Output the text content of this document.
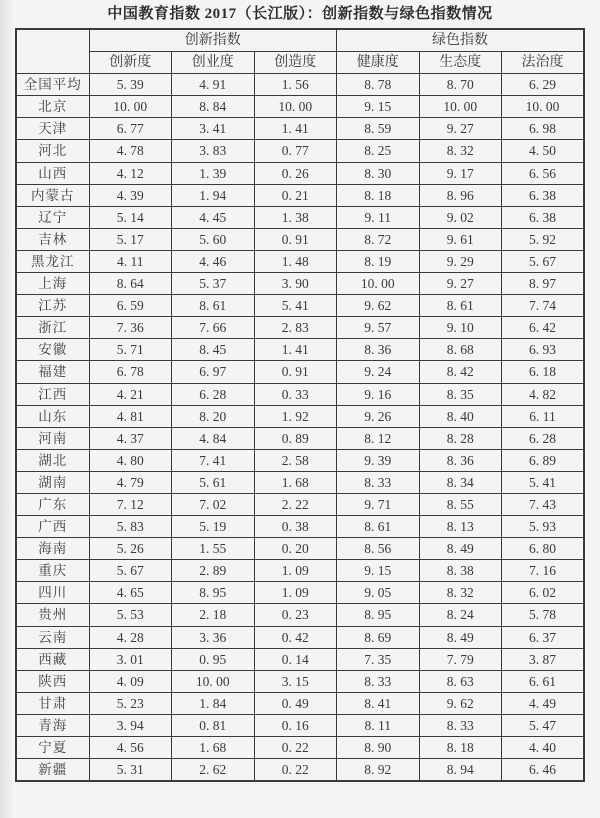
中国教育指数 2017（长江版）：创新指数与绿色指数情况
	创新指数			绿色指数		
	创新度	创业度	创造度	健康度	生态度	法治度
全国平均	5. 39	4. 91	1. 56	8. 78	8. 70	6. 29
北京	10. 00	8. 84	10. 00	9. 15	10. 00	10. 00
天津	6. 77	3. 41	1. 41	8. 59	9. 27	6. 98
河北	4. 78	3. 83	0. 77	8. 25	8. 32	4. 50
山西	4. 12	1. 39	0. 26	8. 30	9. 17	6. 56
内蒙古	4. 39	1. 94	0. 21	8. 18	8. 96	6. 38
辽宁	5. 14	4. 45	1. 38	9. 11	9. 02	6. 38
吉林	5. 17	5. 60	0. 91	8. 72	9. 61	5. 92
黑龙江	4. 11	4. 46	1. 48	8. 19	9. 29	5. 67
上海	8. 64	5. 37	3. 90	10. 00	9. 27	8. 97
江苏	6. 59	8. 61	5. 41	9. 62	8. 61	7. 74
浙江	7. 36	7. 66	2. 83	9. 57	9. 10	6. 42
安徽	5. 71	8. 45	1. 41	8. 36	8. 68	6. 93
福建	6. 78	6. 97	0. 91	9. 24	8. 42	6. 18
江西	4. 21	6. 28	0. 33	9. 16	8. 35	4. 82
山东	4. 81	8. 20	1. 92	9. 26	8. 40	6. 11
河南	4. 37	4. 84	0. 89	8. 12	8. 28	6. 28
湖北	4. 80	7. 41	2. 58	9. 39	8. 36	6. 89
湖南	4. 79	5. 61	1. 68	8. 33	8. 34	5. 41
广东	7. 12	7. 02	2. 22	9. 71	8. 55	7. 43
广西	5. 83	5. 19	0. 38	8. 61	8. 13	5. 93
海南	5. 26	1. 55	0. 20	8. 56	8. 49	6. 80
重庆	5. 67	2. 89	1. 09	9. 15	8. 38	7. 16
四川	4. 65	8. 95	1. 09	9. 05	8. 32	6. 02
贵州	5. 53	2. 18	0. 23	8. 95	8. 24	5. 78
云南	4. 28	3. 36	0. 42	8. 69	8. 49	6. 37
西藏	3. 01	0. 95	0. 14	7. 35	7. 79	3. 87
陕西	4. 09	10. 00	3. 15	8. 33	8. 63	6. 61
甘肃	5. 23	1. 84	0. 49	8. 41	9. 62	4. 49
青海	3. 94	0. 81	0. 16	8. 11	8. 33	5. 47
宁夏	4. 56	1. 68	0. 22	8. 90	8. 18	4. 40
新疆	5. 31	2. 62	0. 22	8. 92	8. 94	6. 46
